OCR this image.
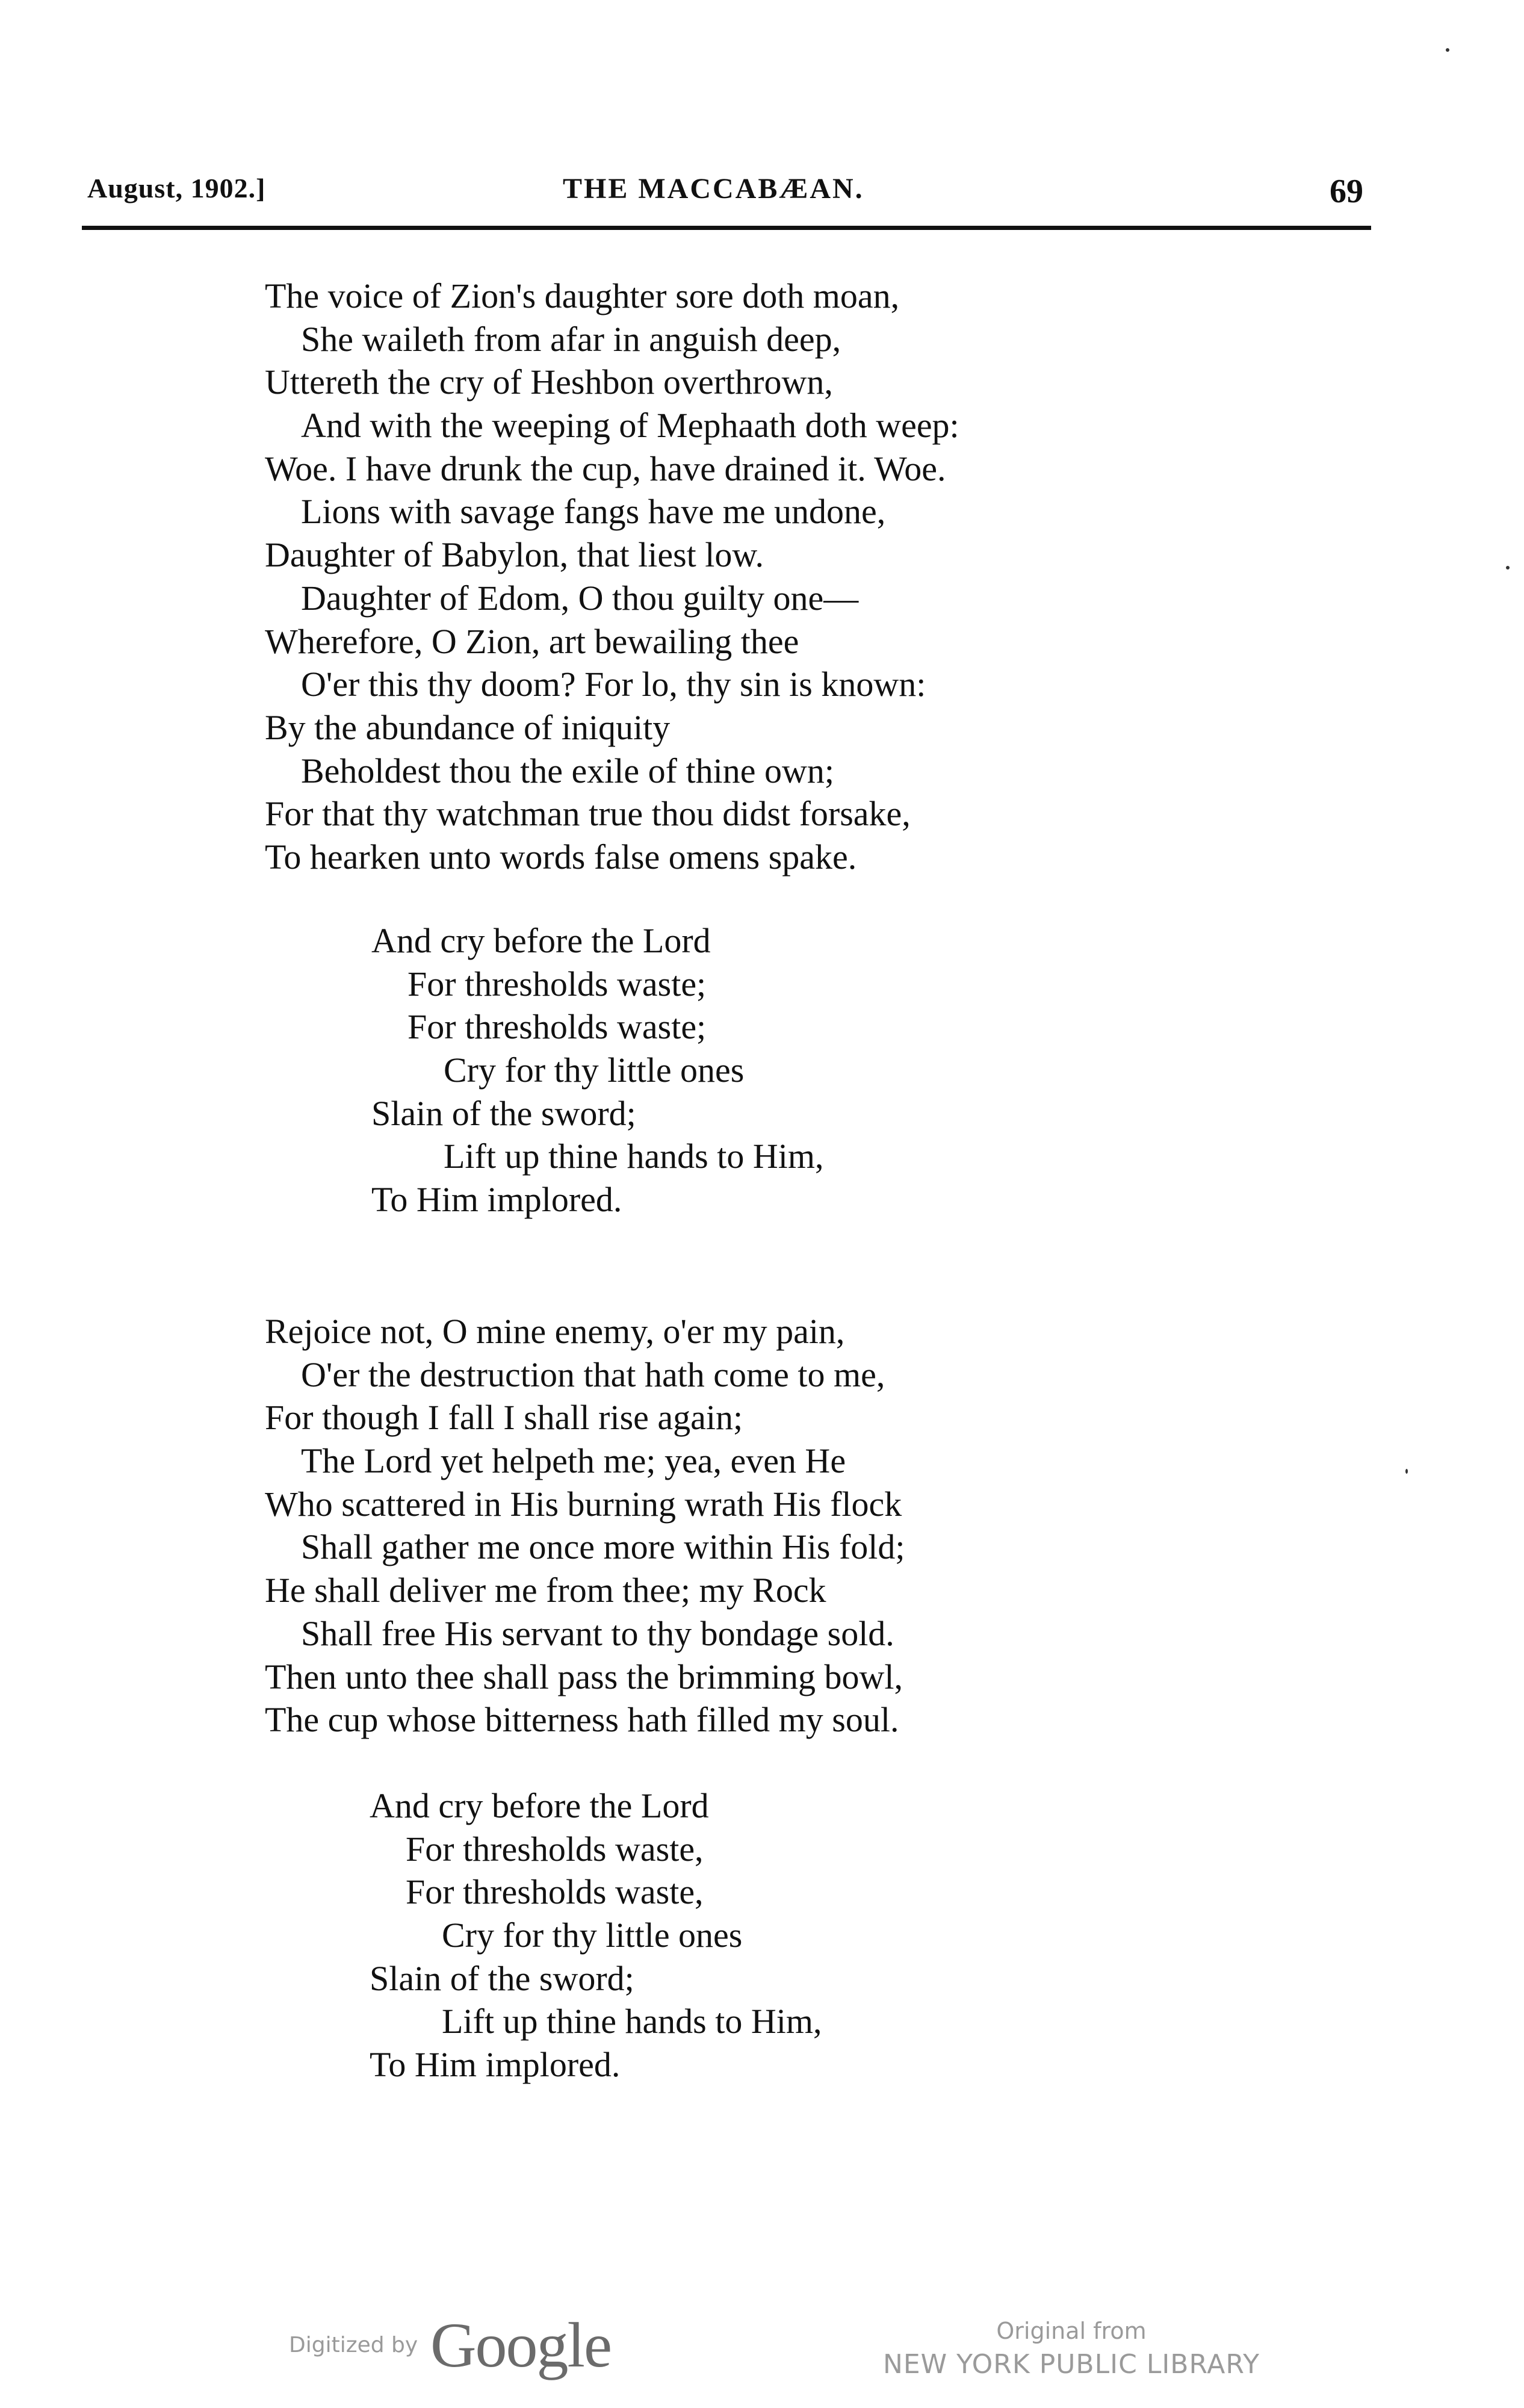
August, 1902.]	THE MACCABÆAN.	69
The voice of Zion's daughter sore doth moan,
She waileth from afar in anguish deep,
Uttereth the cry of Heshbon overthrown,
And with the weeping of Mephaath doth weep:
Woe. I have drunk the cup, have drained it. Woe.
Lions with savage fangs have me undone,
Daughter of Babylon, that liest low.
Daughter of Edom, O thou guilty one—
Wherefore, O Zion, art bewailing thee
O'er this thy doom? For lo, thy sin is known:
By the abundance of iniquity
Beholdest thou the exile of thine own;
For that thy watchman true thou didst forsake,
To hearken unto words false omens spake.
And cry before the Lord
For thresholds waste;
For thresholds waste;
Cry for thy little ones
Slain of the sword;
Lift up thine hands to Him,
To Him implored.
Rejoice not, O mine enemy, o'er my pain,
O'er the destruction that hath come to me,
For though I fall I shall rise again;
The Lord yet helpeth me; yea, even He
Who scattered in His burning wrath His flock
Shall gather me once more within His fold;
He shall deliver me from thee; my Rock
Shall free His servant to thy bondage sold.
Then unto thee shall pass the brimming bowl,
The cup whose bitterness hath filled my soul.
And cry before the Lord
For thresholds waste,
For thresholds waste,
Cry for thy little ones
Slain of the sword;
Lift up thine hands to Him,
To Him implored.
Digitized by Google	Original from
NEW YORK PUBLIC LIBRARY
